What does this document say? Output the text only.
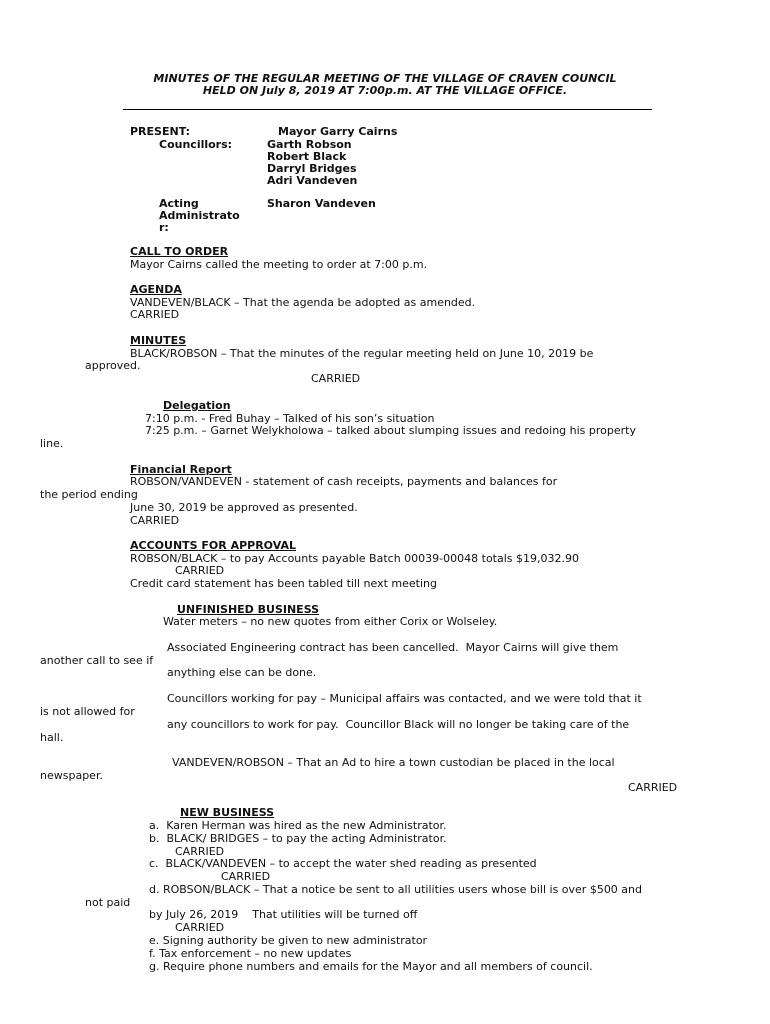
MINUTES OF THE REGULAR MEETING OF THE VILLAGE OF CRAVEN COUNCIL
HELD ON July 8, 2019 AT 7:00p.m. AT THE VILLAGE OFFICE.
PRESENT:	Mayor Garry Cairns
Councillors:	Garth Robson
Robert Black
Darryl Bridges
Adri Vandeven
Acting
Administrato
r:
Sharon Vandeven
CALL TO ORDER
Mayor Cairns called the meeting to order at 7:00 p.m.
AGENDA
VANDEVEN/BLACK – That the agenda be adopted as amended.
CARRIED
MINUTES
BLACK/ROBSON – That the minutes of the regular meeting held on June 10, 2019 be
approved.
CARRIED
Delegation
7:10 p.m. - Fred Buhay – Talked of his son’s situation
7:25 p.m. – Garnet Welykholowa – talked about slumping issues and redoing his property
line.
Financial Report
ROBSON/VANDEVEN - statement of cash receipts, payments and balances for
the period ending
June 30, 2019 be approved as presented.
CARRIED
ACCOUNTS FOR APPROVAL
ROBSON/BLACK – to pay Accounts payable Batch 00039-00048 totals $19,032.90
CARRIED
Credit card statement has been tabled till next meeting
UNFINISHED BUSINESS
Water meters – no new quotes from either Corix or Wolseley.
Associated Engineering contract has been cancelled.  Mayor Cairns will give them
another call to see if
anything else can be done.
Councillors working for pay – Municipal affairs was contacted, and we were told that it
is not allowed for
any councillors to work for pay.  Councillor Black will no longer be taking care of the
hall.
VANDEVEN/ROBSON – That an Ad to hire a town custodian be placed in the local
newspaper.
CARRIED
NEW BUSINESS
a.  Karen Herman was hired as the new Administrator.
b.  BLACK/ BRIDGES – to pay the acting Administrator.
CARRIED
c.  BLACK/VANDEVEN – to accept the water shed reading as presented
CARRIED
d. ROBSON/BLACK – That a notice be sent to all utilities users whose bill is over $500 and
not paid
by July 26, 2019    That utilities will be turned off
CARRIED
e. Signing authority be given to new administrator
f. Tax enforcement – no new updates
g. Require phone numbers and emails for the Mayor and all members of council.
